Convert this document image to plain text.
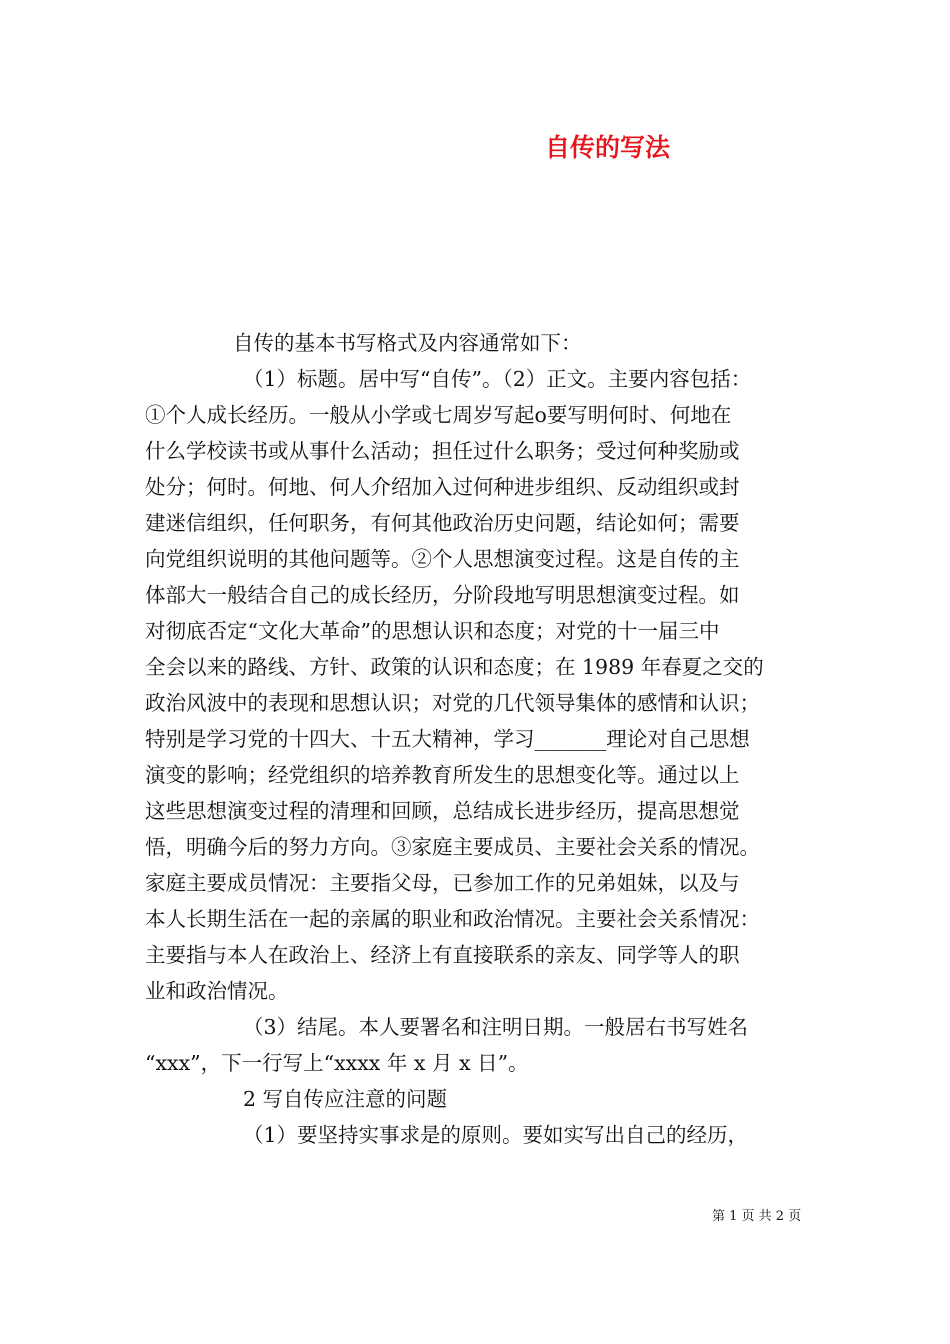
自传的写法
自传的基本书写格式及内容通常如下：
（1）标题。居中写“自传”。（2）正文。主要内容包括：
①个人成长经历。一般从小学或七周岁写起o要写明何时、何地在
什么学校读书或从事什么活动；担任过什么职务；受过何种奖励或
处分；何时。何地、何人介绍加入过何种进步组织、反动组织或封
建迷信组织，任何职务，有何其他政治历史问题，结论如何；需要
向党组织说明的其他问题等。②个人思想演变过程。这是自传的主
体部大一般结合自己的成长经历，分阶段地写明思想演变过程。如
对彻底否定“文化大革命”的思想认识和态度；对党的十一届三中
全会以来的路线、方针、政策的认识和态度；在 1989 年春夏之交的
政治风波中的表现和思想认识；对党的几代领导集体的感情和认识；
特别是学习党的十四大、十五大精神，学习_______理论对自己思想
演变的影响；经党组织的培养教育所发生的思想变化等。通过以上
这些思想演变过程的清理和回顾，总结成长进步经历，提高思想觉
悟，明确今后的努力方向。③家庭主要成员、主要社会关系的情况。
家庭主要成员情况：主要指父母，已参加工作的兄弟姐妹，以及与
本人长期生活在一起的亲属的职业和政治情况。主要社会关系情况：
主要指与本人在政治上、经济上有直接联系的亲友、同学等人的职
业和政治情况。
（3）结尾。本人要署名和注明日期。一般居右书写姓名
“xxx”，下一行写上“xxxx 年 x 月 x 日”。
2 写自传应注意的问题
（1）要坚持实事求是的原则。要如实写出自己的经历，
第 1 页 共 2 页
